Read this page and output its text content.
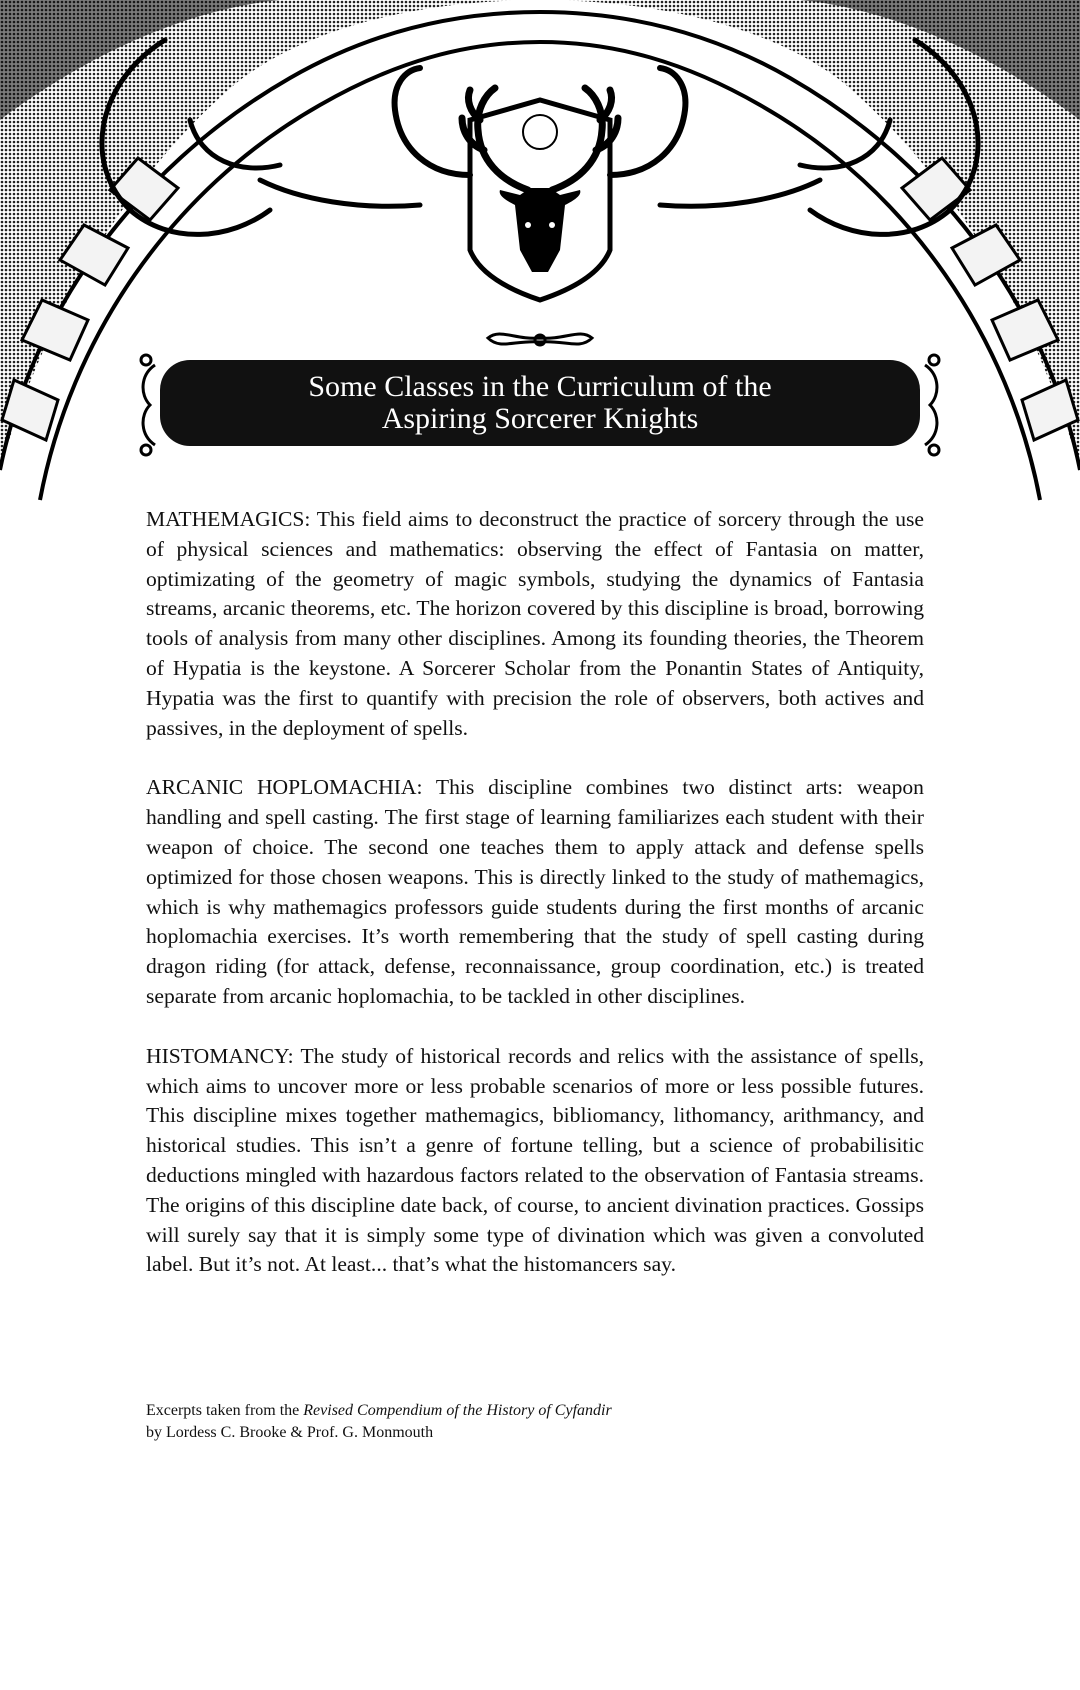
Some Classes in the Curriculum of the
Aspiring Sorcerer Knights

MATHEMAGICS: This field aims to deconstruct the practice of sorcery through the use of physical sciences and mathematics: observing the effect of Fantasia on matter, optimizating of the geometry of magic symbols, studying the dynamics of Fantasia streams, arcanic theorems, etc. The horizon covered by this discipline is broad, borrowing tools of analysis from many other disciplines. Among its founding theories, the Theorem of Hypatia is the keystone. A Sorcerer Scholar from the Ponantin States of Antiquity, Hypatia was the first to quantify with precision the role of observers, both actives and passives, in the deployment of spells.

ARCANIC HOPLOMACHIA: This discipline combines two distinct arts: weapon handling and spell casting. The first stage of learning familiarizes each student with their weapon of choice. The second one teaches them to apply attack and defense spells optimized for those chosen weapons. This is directly linked to the study of mathemagics, which is why mathemagics professors guide students during the first months of arcanic hoplomachia exercises. It’s worth remembering that the study of spell casting during dragon riding (for attack, defense, reconnaissance, group coordination, etc.) is treated separate from arcanic hoplomachia, to be tackled in other disciplines.

HISTOMANCY: The study of historical records and relics with the assistance of spells, which aims to uncover more or less probable scenarios of more or less possible futures. This discipline mixes together mathemagics, bibliomancy, lithomancy, arithmancy, and historical studies. This isn’t a genre of fortune telling, but a science of probabilisitic deductions mingled with hazardous factors related to the observation of Fantasia streams. The origins of this discipline date back, of course, to ancient divination practices. Gossips will surely say that it is simply some type of divination which was given a convoluted label. But it’s not. At least... that’s what the histomancers say.

Excerpts taken from the Revised Compendium of the History of Cyfandir
by Lordess C. Brooke & Prof. G. Monmouth
